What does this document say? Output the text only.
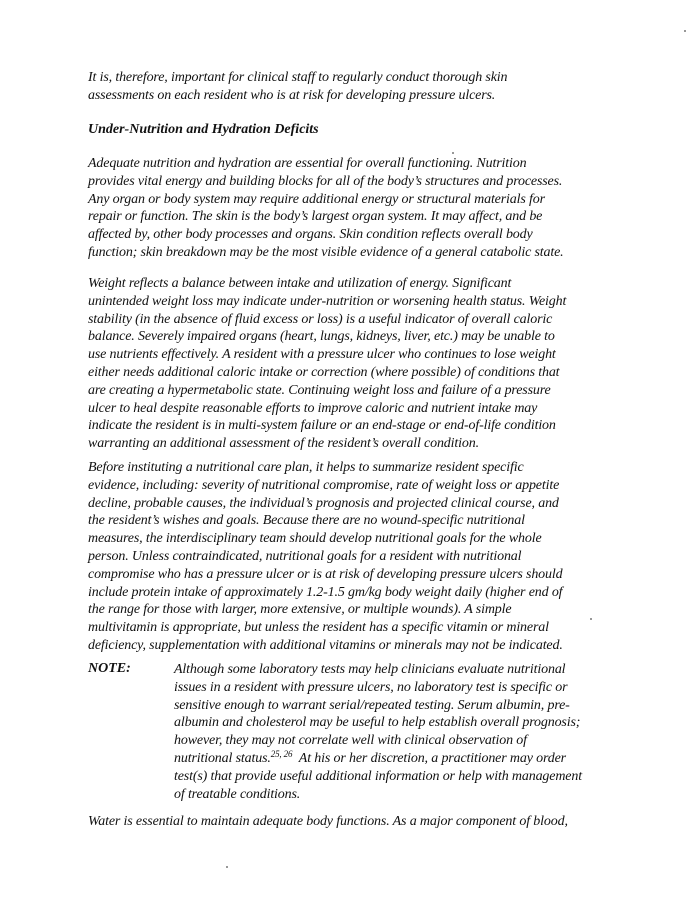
It is, therefore, important for clinical staff to regularly conduct thorough skin
assessments on each resident who is at risk for developing pressure ulcers.
Under-Nutrition and Hydration Deficits
Adequate nutrition and hydration are essential for overall functioning. Nutrition
provides vital energy and building blocks for all of the body’s structures and processes.
Any organ or body system may require additional energy or structural materials for
repair or function. The skin is the body’s largest organ system. It may affect, and be
affected by, other body processes and organs. Skin condition reflects overall body
function; skin breakdown may be the most visible evidence of a general catabolic state.
Weight reflects a balance between intake and utilization of energy. Significant
unintended weight loss may indicate under-nutrition or worsening health status. Weight
stability (in the absence of fluid excess or loss) is a useful indicator of overall caloric
balance. Severely impaired organs (heart, lungs, kidneys, liver, etc.) may be unable to
use nutrients effectively. A resident with a pressure ulcer who continues to lose weight
either needs additional caloric intake or correction (where possible) of conditions that
are creating a hypermetabolic state. Continuing weight loss and failure of a pressure
ulcer to heal despite reasonable efforts to improve caloric and nutrient intake may
indicate the resident is in multi-system failure or an end-stage or end-of-life condition
warranting an additional assessment of the resident’s overall condition.
Before instituting a nutritional care plan, it helps to summarize resident specific
evidence, including: severity of nutritional compromise, rate of weight loss or appetite
decline, probable causes, the individual’s prognosis and projected clinical course, and
the resident’s wishes and goals. Because there are no wound-specific nutritional
measures, the interdisciplinary team should develop nutritional goals for the whole
person. Unless contraindicated, nutritional goals for a resident with nutritional
compromise who has a pressure ulcer or is at risk of developing pressure ulcers should
include protein intake of approximately 1.2-1.5 gm/kg body weight daily (higher end of
the range for those with larger, more extensive, or multiple wounds). A simple
multivitamin is appropriate, but unless the resident has a specific vitamin or mineral
deficiency, supplementation with additional vitamins or minerals may not be indicated.
NOTE:	Although some laboratory tests may help clinicians evaluate nutritional
issues in a resident with pressure ulcers, no laboratory test is specific or
sensitive enough to warrant serial/repeated testing. Serum albumin, pre-
albumin and cholesterol may be useful to help establish overall prognosis;
however, they may not correlate well with clinical observation of
nutritional status.$^{25, 26}$  At his or her discretion, a practitioner may order
test(s) that provide useful additional information or help with management
of treatable conditions.
Water is essential to maintain adequate body functions. As a major component of blood,
